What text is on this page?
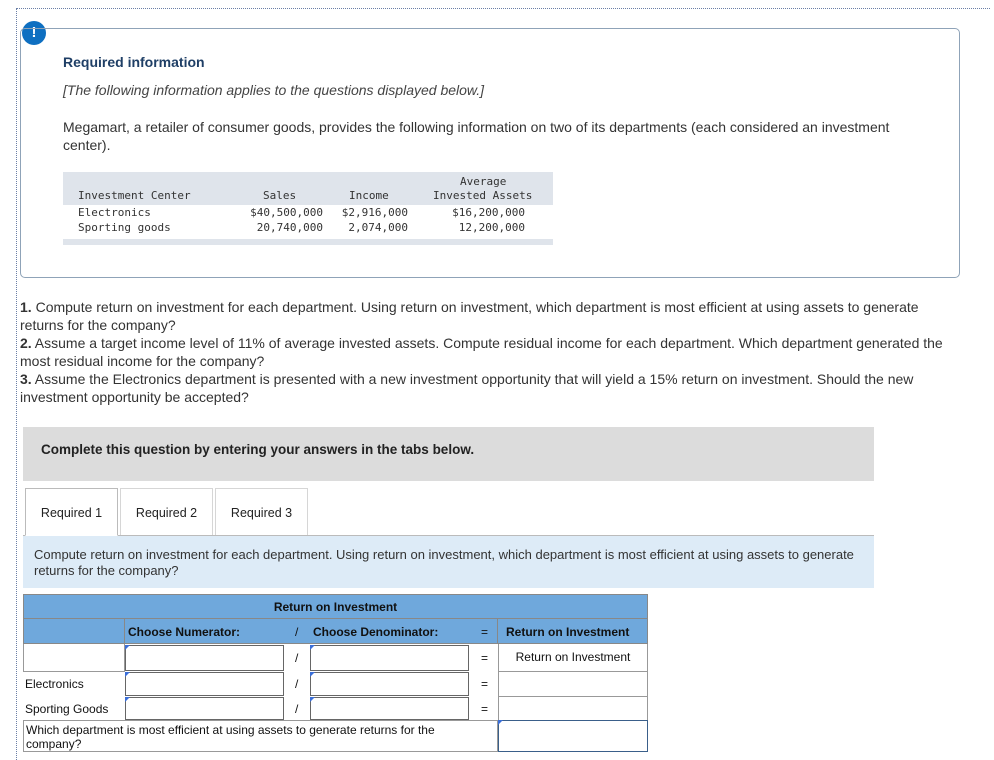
!
Required information
[The following information applies to the questions displayed below.]
Megamart, a retailer of consumer goods, provides the following information on two of its departments (each considered an investment center).
Investment Center	Sales	Income
Average
Invested Assets
Electronics	$40,500,000 $2,916,000	$16,200,000
Sporting goods	20,740,000 2,074,000	12,200,000

1. Compute return on investment for each department. Using return on investment, which department is most efficient at using assets to generate returns for the company?

2. Assume a target income level of 11% of average invested assets. Compute residual income for each department. Which department generated the most residual income for the company?

3. Assume the Electronics department is presented with a new investment opportunity that will yield a 15% return on investment. Should the new investment opportunity be accepted?

Complete this question by entering your answers in the tabs below.
Required 1	Required 2	Required 3
Compute return on investment for each department. Using return on investment, which department is most efficient at using assets to generate returns for the company?
Return on Investment
Choose Numerator:	/ Choose Denominator:	= Return on Investment
/	=	Return on Investment
Electronics	/	=
Sporting Goods	/	=
Which department is most efficient at using assets to generate returns for the company?
